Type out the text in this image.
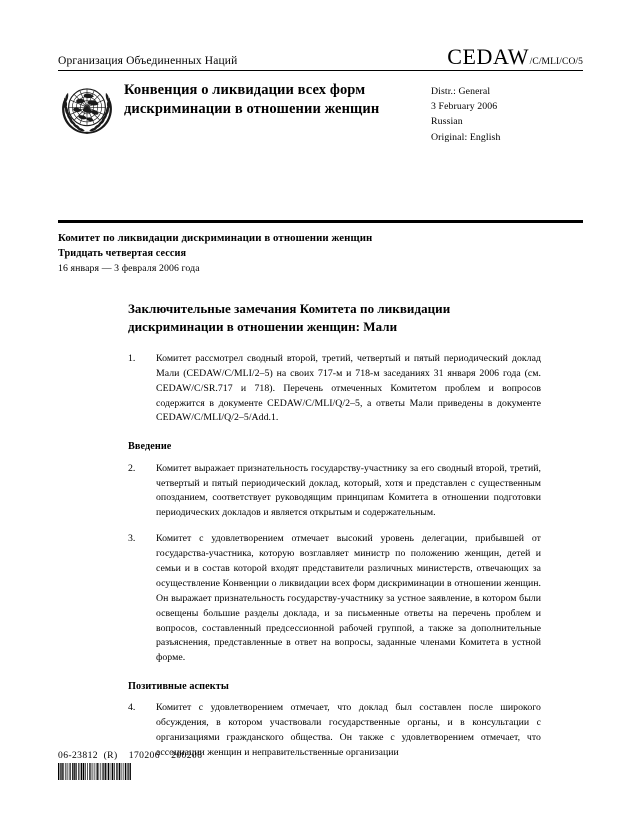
Организация Объединенных Наций	CEDAW /C/MLI/CO/5
Конвенция о ликвидации всех форм дискриминации в отношении женщин
Distr.: General
3 February 2006
Russian
Original: English
Комитет по ликвидации дискриминации в отношении женщин
Тридцать четвертая сессия
16 января — 3 февраля 2006 года
Заключительные замечания Комитета по ликвидации дискриминации в отношении женщин: Мали

1. Комитет рассмотрел сводный второй, третий, четвертый и пятый периодический доклад Мали (CEDAW/C/MLI/2–5) на своих 717-м и 718-м заседаниях 31 января 2006 года (см. CEDAW/C/SR.717 и 718). Перечень отмеченных Комитетом проблем и вопросов содержится в документе CEDAW/C/MLI/Q/2–5, а ответы Мали приведены в документе CEDAW/C/MLI/Q/2–5/Add.1.

Введение

2. Комитет выражает признательность государству-участнику за его сводный второй, третий, четвертый и пятый периодический доклад, который, хотя и представлен с существенным опозданием, соответствует руководящим принципам Комитета в отношении подготовки периодических докладов и является открытым и содержательным.

3. Комитет с удовлетворением отмечает высокий уровень делегации, прибывшей от государства-участника, которую возглавляет министр по положению женщин, детей и семьи и в состав которой входят представители различных министерств, отвечающих за осуществление Конвенции о ликвидации всех форм дискриминации в отношении женщин. Он выражает признательность государству-участнику за устное заявление, в котором были освещены большие разделы доклада, и за письменные ответы на перечень проблем и вопросов, составленный предсессионной рабочей группой, а также за дополнительные разъяснения, представленные в ответ на вопросы, заданные членами Комитета в устной форме.

Позитивные аспекты

4. Комитет с удовлетворением отмечает, что доклад был составлен после широкого обсуждения, в котором участвовали государственные органы, и в консультации с организациями гражданского общества. Он также с удовлетворением отмечает, что ассоциации женщин и неправительственные организации

06-23812  (R)    170206    200206
